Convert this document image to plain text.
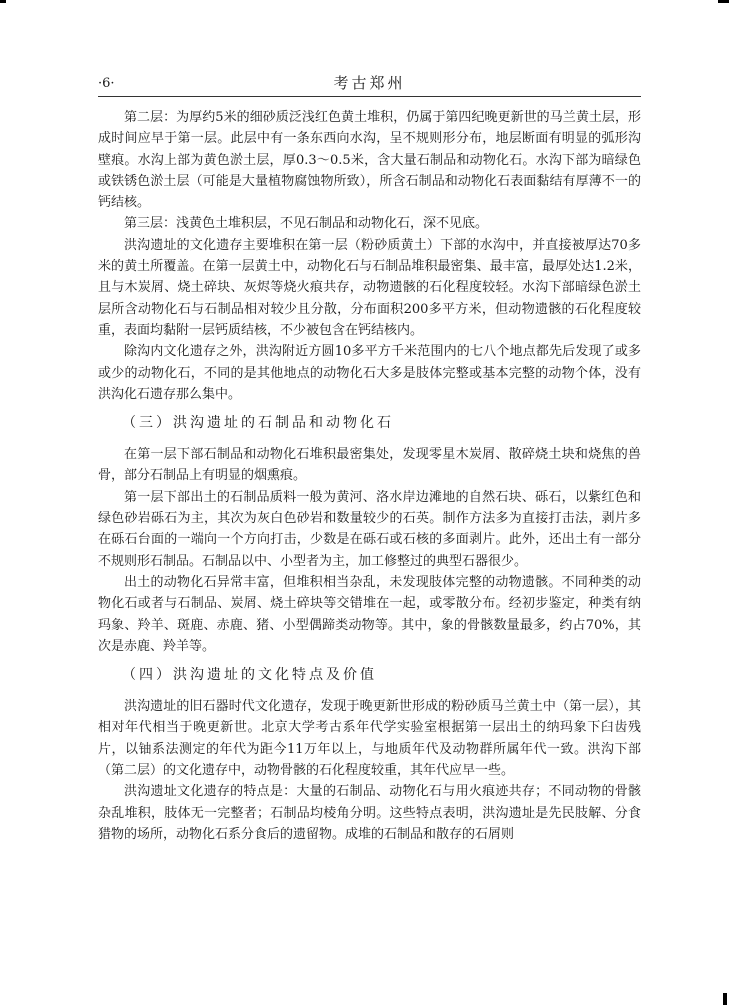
考古郑州
·6·

第二层：为厚约5米的细砂质泛浅红色黄土堆积，仍属于第四纪晚更新世的马兰黄土层，形成时间应早于第一层。此层中有一条东西向水沟，呈不规则形分布，地层断面有明显的弧形沟壁痕。水沟上部为黄色淤土层，厚0.3～0.5米，含大量石制品和动物化石。水沟下部为暗绿色或铁锈色淤土层（可能是大量植物腐蚀物所致），所含石制品和动物化石表面黏结有厚薄不一的钙结核。

第三层：浅黄色土堆积层，不见石制品和动物化石，深不见底。

洪沟遗址的文化遗存主要堆积在第一层（粉砂质黄土）下部的水沟中，并直接被厚达70多米的黄土所覆盖。在第一层黄土中，动物化石与石制品堆积最密集、最丰富，最厚处达1.2米，且与木炭屑、烧土碎块、灰烬等烧火痕共存，动物遗骸的石化程度较轻。水沟下部暗绿色淤土层所含动物化石与石制品相对较少且分散，分布面积200多平方米，但动物遗骸的石化程度较重，表面均黏附一层钙质结核，不少被包含在钙结核内。

除沟内文化遗存之外，洪沟附近方圆10多平方千米范围内的七八个地点都先后发现了或多或少的动物化石，不同的是其他地点的动物化石大多是肢体完整或基本完整的动物个体，没有洪沟化石遗存那么集中。

（三）洪沟遗址的石制品和动物化石

在第一层下部石制品和动物化石堆积最密集处，发现零星木炭屑、散碎烧土块和烧焦的兽骨，部分石制品上有明显的烟熏痕。

第一层下部出土的石制品质料一般为黄河、洛水岸边滩地的自然石块、砾石，以紫红色和绿色砂岩砾石为主，其次为灰白色砂岩和数量较少的石英。制作方法多为直接打击法，剥片多在砾石台面的一端向一个方向打击，少数是在砾石或石核的多面剥片。此外，还出土有一部分不规则形石制品。石制品以中、小型者为主，加工修整过的典型石器很少。

出土的动物化石异常丰富，但堆积相当杂乱，未发现肢体完整的动物遗骸。不同种类的动物化石或者与石制品、炭屑、烧土碎块等交错堆在一起，或零散分布。经初步鉴定，种类有纳玛象、羚羊、斑鹿、赤鹿、猪、小型偶蹄类动物等。其中，象的骨骸数量最多，约占70%，其次是赤鹿、羚羊等。

（四）洪沟遗址的文化特点及价值

洪沟遗址的旧石器时代文化遗存，发现于晚更新世形成的粉砂质马兰黄土中（第一层），其相对年代相当于晚更新世。北京大学考古系年代学实验室根据第一层出土的纳玛象下臼齿残片，以铀系法测定的年代为距今11万年以上，与地质年代及动物群所属年代一致。洪沟下部（第二层）的文化遗存中，动物骨骸的石化程度较重，其年代应早一些。

洪沟遗址文化遗存的特点是：大量的石制品、动物化石与用火痕迹共存；不同动物的骨骸杂乱堆积，肢体无一完整者；石制品均棱角分明。这些特点表明，洪沟遗址是先民肢解、分食猎物的场所，动物化石系分食后的遗留物。成堆的石制品和散存的石屑则
